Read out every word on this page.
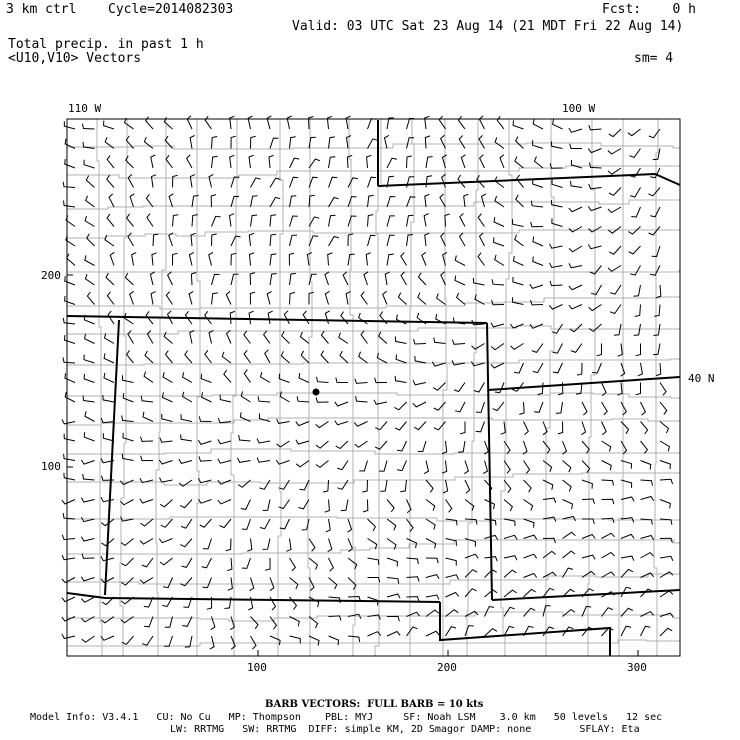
3 km ctrl Cycle=2014082303	Fcst:    0 h
Valid: 03 UTC Sat 23 Aug 14 (21 MDT Fri 22 Aug 14)
Total precip. in past 1 h
<U10,V10> Vectors	sm= 4
110 W	100 W
40 N
200
100
100	200	300
BARB VECTORS:  FULL BARB = 10 kts
Model Info: V3.4.1   CU: No Cu   MP: Thompson    PBL: MYJ     SF: Noah LSM    3.0 km   50 levels   12 sec
LW: RRTMG   SW: RRTMG  DIFF: simple KM, 2D Smagor DAMP: none        SFLAY: Eta
